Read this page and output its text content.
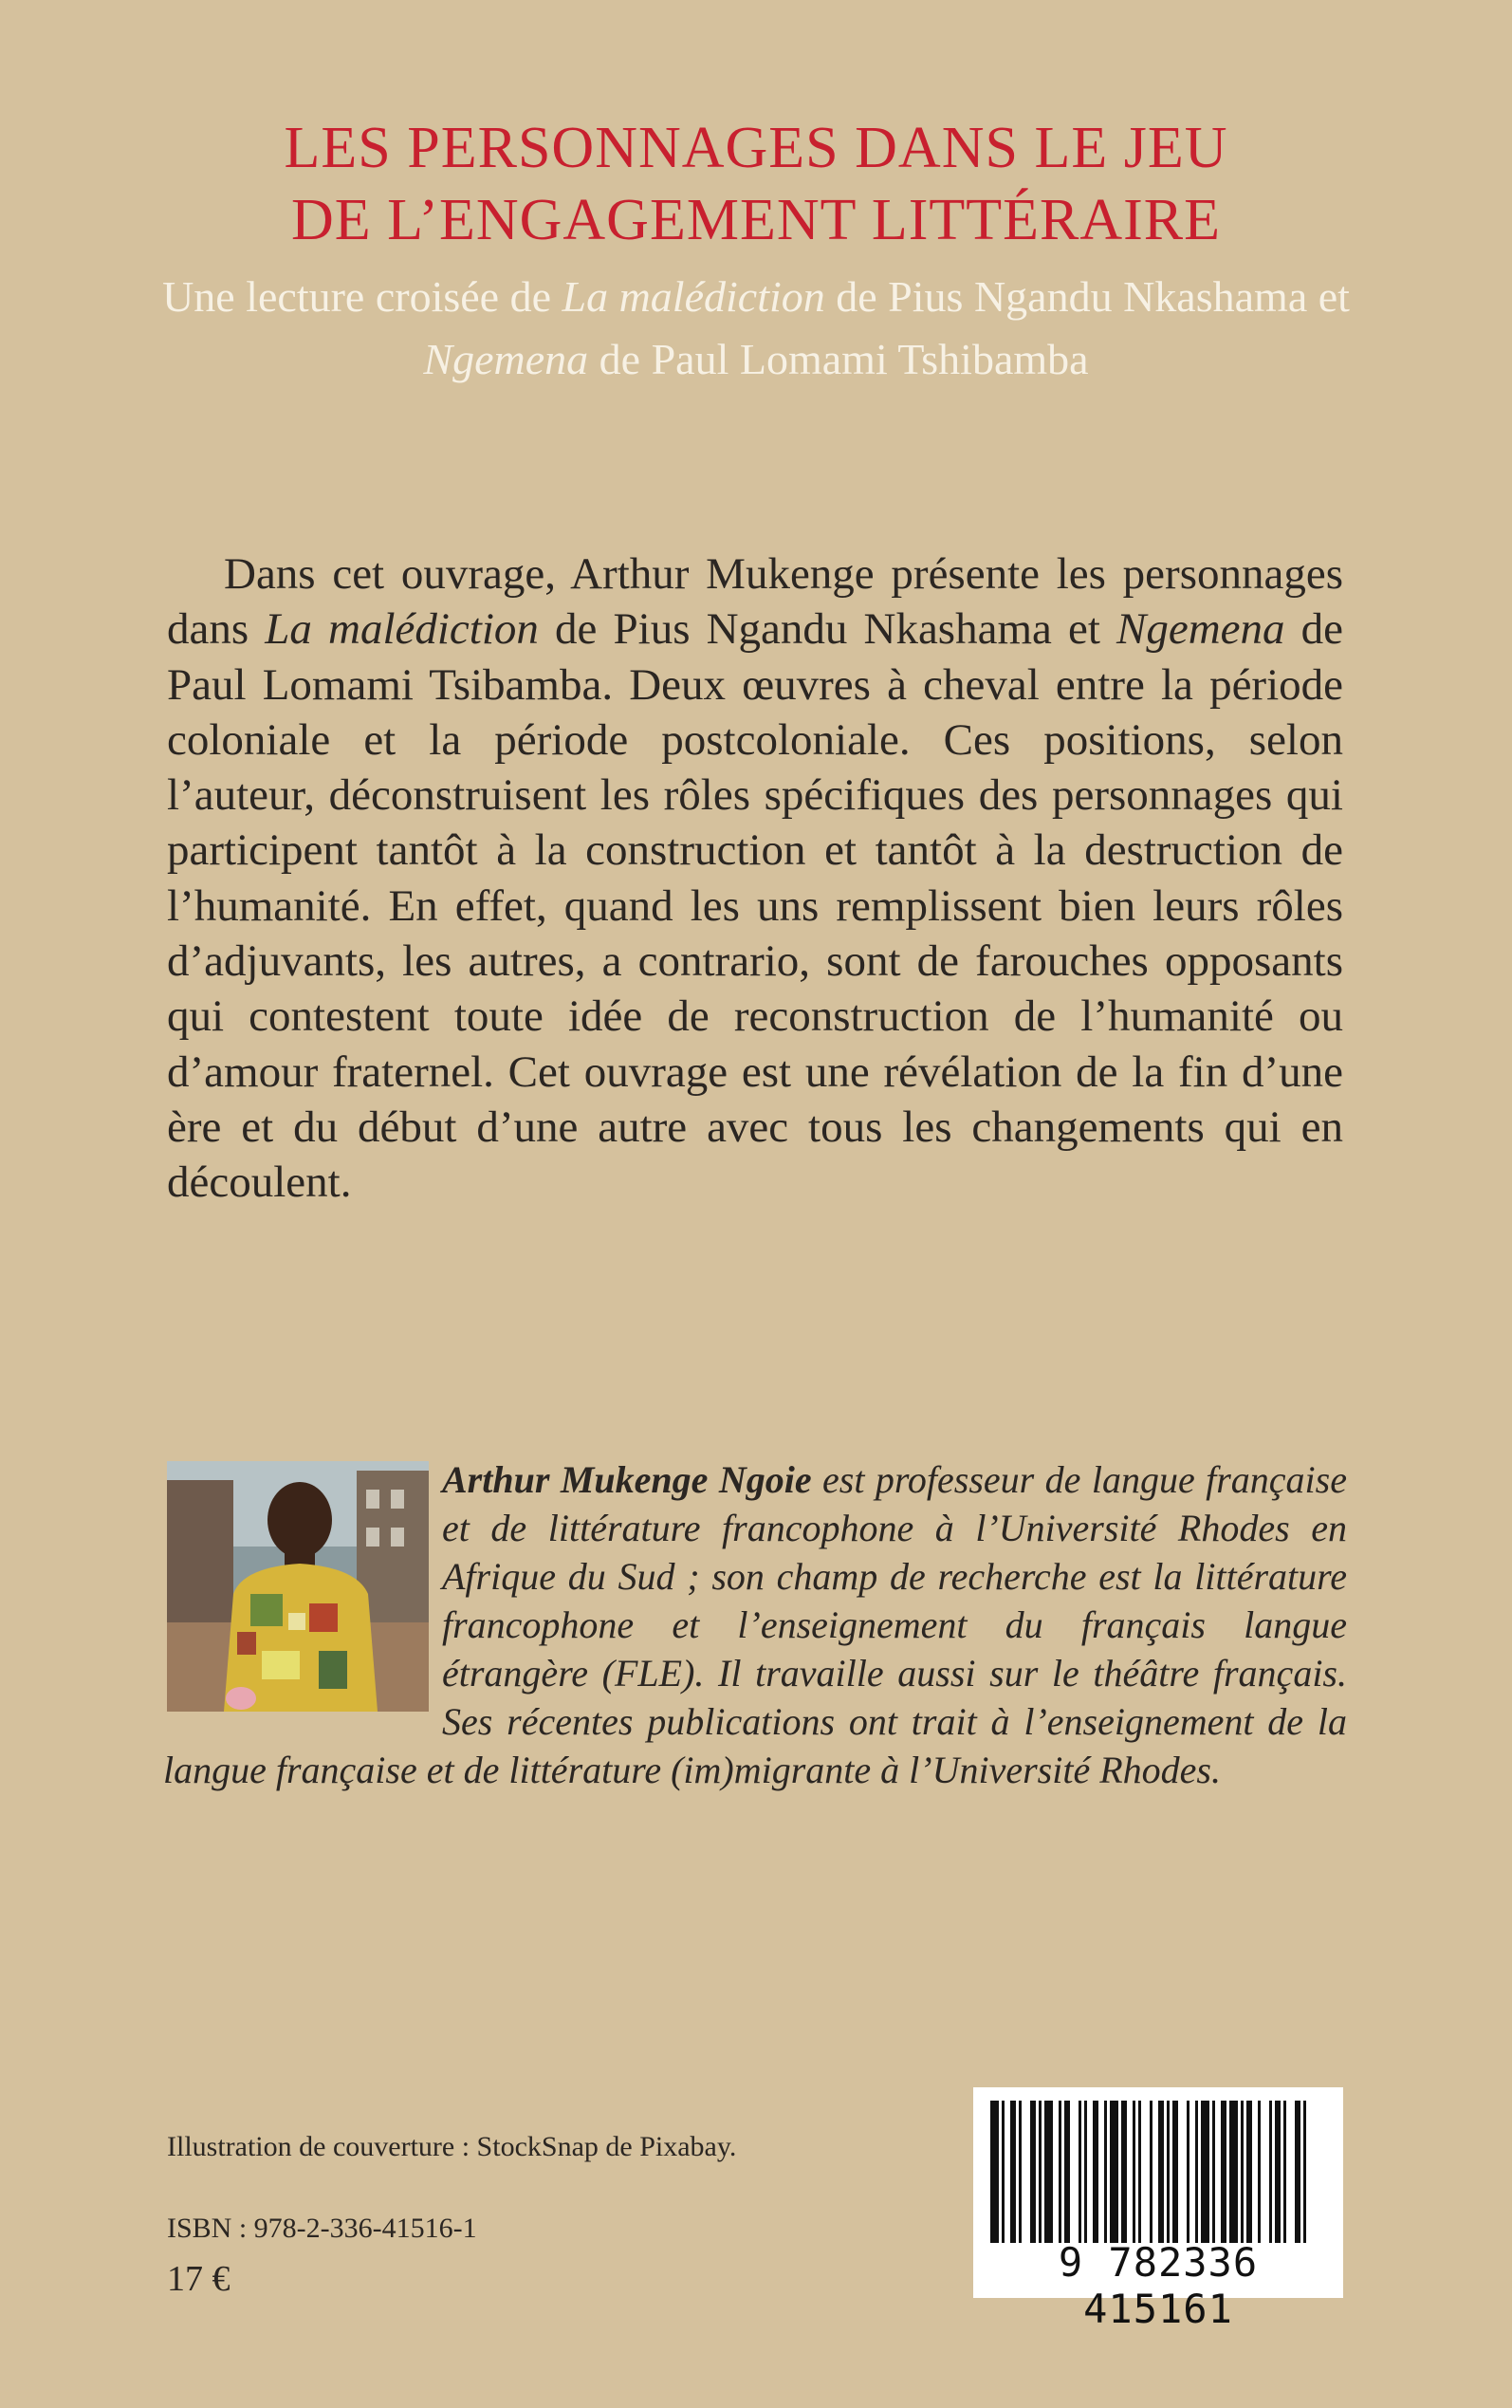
LES PERSONNAGES DANS LE JEU
DE L’ENGAGEMENT LITTÉRAIRE
Une lecture croisée de La malédiction de Pius Ngandu Nkashama et Ngemena de Paul Lomami Tshibamba

Dans cet ouvrage, Arthur Mukenge présente les personnages dans La malédiction de Pius Ngandu Nkashama et Ngemena de Paul Lomami Tsibamba. Deux œuvres à cheval entre la période coloniale et la période postcoloniale. Ces positions, selon l’auteur, déconstruisent les rôles spécifiques des personnages qui participent tantôt à la construction et tantôt à la destruction de l’humanité. En effet, quand les uns remplissent bien leurs rôles d’adjuvants, les autres, a contrario, sont de farouches opposants qui contestent toute idée de reconstruction de l’humanité ou d’amour fraternel. Cet ouvrage est une révélation de la fin d’une ère et du début d’une autre avec tous les changements qui en découlent.

Arthur Mukenge Ngoie est professeur de langue française et de littérature francophone à l’Université Rhodes en Afrique du Sud ; son champ de recherche est la littérature francophone et l’enseignement du français langue étrangère (FLE). Il travaille aussi sur le théâtre français. Ses récentes publications ont trait à l’enseignement de la langue française et de littérature (im)migrante à l’Université Rhodes.

Illustration de couverture : StockSnap de Pixabay.
ISBN : 978-2-336-41516-1
17 €	9 782336 415161
